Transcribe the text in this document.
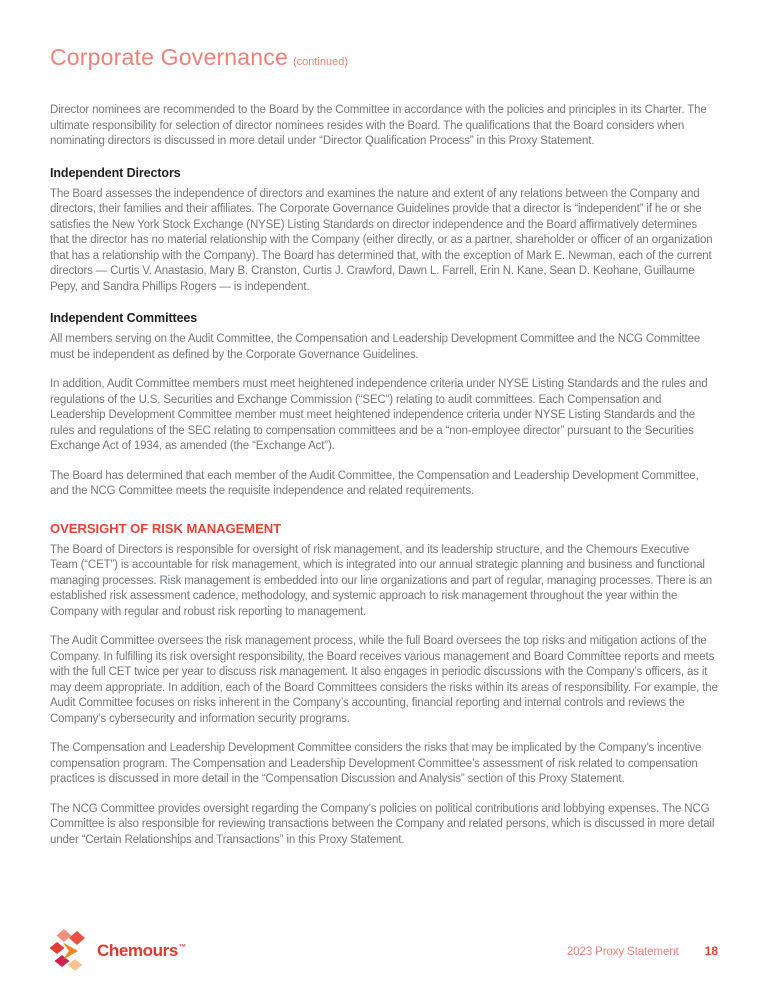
Corporate Governance (continued)

Director nominees are recommended to the Board by the Committee in accordance with the policies and principles in its Charter. The ultimate responsibility for selection of director nominees resides with the Board. The qualifications that the Board considers when nominating directors is discussed in more detail under “Director Qualification Process” in this Proxy Statement.

Independent Directors

The Board assesses the independence of directors and examines the nature and extent of any relations between the Company and directors, their families and their affiliates. The Corporate Governance Guidelines provide that a director is “independent” if he or she satisfies the New York Stock Exchange (NYSE) Listing Standards on director independence and the Board affirmatively determines that the director has no material relationship with the Company (either directly, or as a partner, shareholder or officer of an organization that has a relationship with the Company). The Board has determined that, with the exception of Mark E. Newman, each of the current directors — Curtis V. Anastasio, Mary B. Cranston, Curtis J. Crawford, Dawn L. Farrell, Erin N. Kane, Sean D. Keohane, Guillaume Pepy, and Sandra Phillips Rogers — is independent.

Independent Committees

All members serving on the Audit Committee, the Compensation and Leadership Development Committee and the NCG Committee must be independent as defined by the Corporate Governance Guidelines.

In addition, Audit Committee members must meet heightened independence criteria under NYSE Listing Standards and the rules and regulations of the U.S. Securities and Exchange Commission (“SEC”) relating to audit committees. Each Compensation and Leadership Development Committee member must meet heightened independence criteria under NYSE Listing Standards and the rules and regulations of the SEC relating to compensation committees and be a “non-employee director” pursuant to the Securities Exchange Act of 1934, as amended (the “Exchange Act”).

The Board has determined that each member of the Audit Committee, the Compensation and Leadership Development Committee, and the NCG Committee meets the requisite independence and related requirements.

OVERSIGHT OF RISK MANAGEMENT

The Board of Directors is responsible for oversight of risk management, and its leadership structure, and the Chemours Executive Team (“CET”) is accountable for risk management, which is integrated into our annual strategic planning and business and functional managing processes. Risk management is embedded into our line organizations and part of regular, managing processes. There is an established risk assessment cadence, methodology, and systemic approach to risk management throughout the year within the Company with regular and robust risk reporting to management.

The Audit Committee oversees the risk management process, while the full Board oversees the top risks and mitigation actions of the Company. In fulfilling its risk oversight responsibility, the Board receives various management and Board Committee reports and meets with the full CET twice per year to discuss risk management. It also engages in periodic discussions with the Company’s officers, as it may deem appropriate. In addition, each of the Board Committees considers the risks within its areas of responsibility. For example, the Audit Committee focuses on risks inherent in the Company’s accounting, financial reporting and internal controls and reviews the Company’s cybersecurity and information security programs.

The Compensation and Leadership Development Committee considers the risks that may be implicated by the Company’s incentive compensation program. The Compensation and Leadership Development Committee’s assessment of risk related to compensation practices is discussed in more detail in the “Compensation Discussion and Analysis” section of this Proxy Statement.

The NCG Committee provides oversight regarding the Company’s policies on political contributions and lobbying expenses. The NCG Committee is also responsible for reviewing transactions between the Company and related persons, which is discussed in more detail under “Certain Relationships and Transactions” in this Proxy Statement.

Chemours™	2023 Proxy Statement 18
